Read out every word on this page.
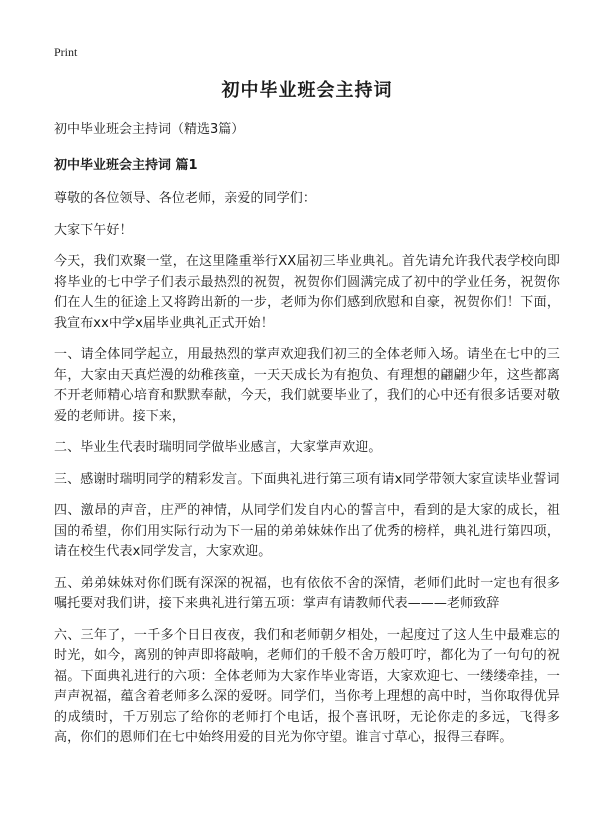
Print
初中毕业班会主持词
初中毕业班会主持词（精选3篇）
初中毕业班会主持词 篇1
尊敬的各位领导、各位老师，亲爱的同学们：
大家下午好！
今天，我们欢聚一堂，在这里隆重举行XX届初三毕业典礼。首先请允许我代表学校向即将毕业的七中学子们表示最热烈的祝贺，祝贺你们圆满完成了初中的学业任务，祝贺你们在人生的征途上又将跨出新的一步，老师为你们感到欣慰和自豪，祝贺你们！下面，我宣布xx中学x届毕业典礼正式开始！
一、请全体同学起立，用最热烈的掌声欢迎我们初三的全体老师入场。请坐在七中的三年，大家由天真烂漫的幼稚孩童，一天天成长为有抱负、有理想的翩翩少年，这些都离不开老师精心培育和默默奉献，今天，我们就要毕业了，我们的心中还有很多话要对敬爱的老师讲。接下来，
二、毕业生代表时瑞明同学做毕业感言，大家掌声欢迎。
三、感谢时瑞明同学的精彩发言。下面典礼进行第三项有请x同学带领大家宣读毕业誓词
四、激昂的声音，庄严的神情，从同学们发自内心的誓言中，看到的是大家的成长，祖国的希望，你们用实际行动为下一届的弟弟妹妹作出了优秀的榜样，典礼进行第四项，请在校生代表x同学发言，大家欢迎。
五、弟弟妹妹对你们既有深深的祝福，也有依依不舍的深情，老师们此时一定也有很多嘱托要对我们讲，接下来典礼进行第五项：掌声有请教师代表———老师致辞
六、三年了，一千多个日日夜夜，我们和老师朝夕相处，一起度过了这人生中最难忘的时光，如今，离别的钟声即将敲响，老师们的千般不舍万般叮咛，都化为了一句句的祝福。下面典礼进行的六项：全体老师为大家作毕业寄语，大家欢迎七、一缕缕牵挂，一声声祝福，蕴含着老师多么深的爱呀。同学们，当你考上理想的高中时，当你取得优异的成绩时，千万别忘了给你的老师打个电话，报个喜讯呀，无论你走的多远，飞得多高，你们的恩师们在七中始终用爱的目光为你守望。谁言寸草心，报得三春晖。
